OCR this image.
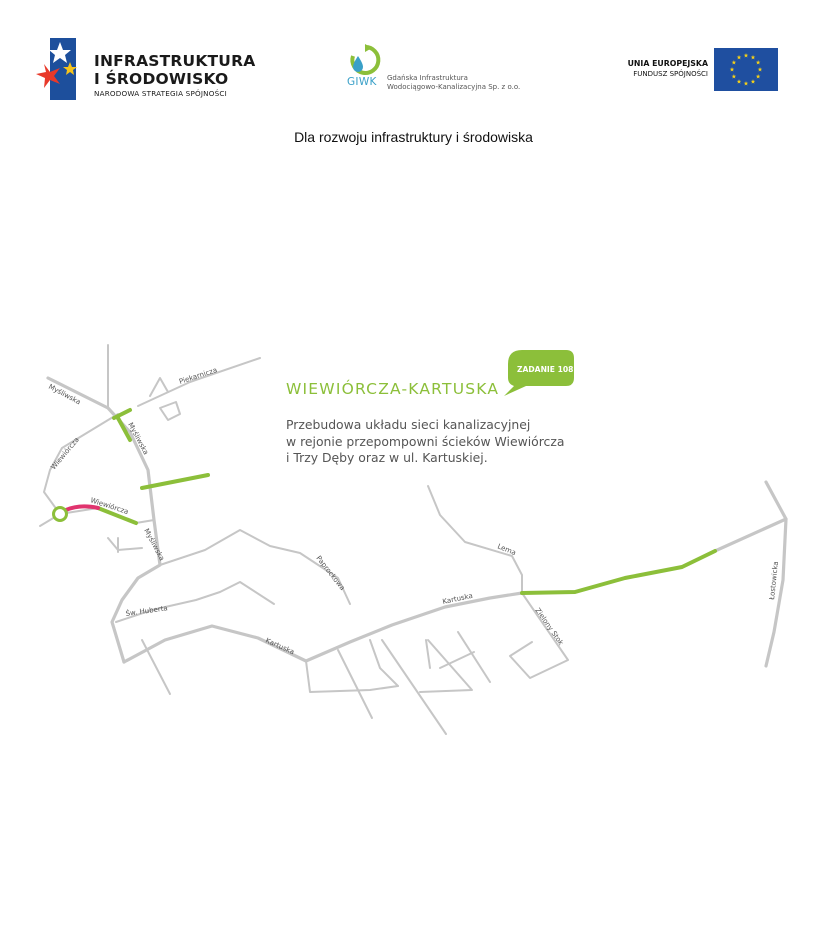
INFRASTRUKTURA
I ŚRODOWISKO
NARODOWA STRATEGIA SPÓJNOŚCI
GIWK Gdańska Infrastruktura
Wodociągowo-Kanalizacyjna Sp. z o.o.
UNIA EUROPEJSKA
FUNDUSZ SPÓJNOŚCI
Dla rozwoju infrastruktury i środowiska
Myśliwska
Myśliwska
Myśliwska
Wiewiórcza
Wiewiórcza
Piekarnicza
Paprockowa
Lema
Kartuska
Kartuska	Zielony Stok
Św. Huberta
Łostowicka
ZADANIE 108
WIEWIÓRCZA-KARTUSKA
Przebudowa układu sieci kanalizacyjnej
w rejonie przepompowni ścieków Wiewiórcza
i Trzy Dęby oraz w ul. Kartuskiej.
